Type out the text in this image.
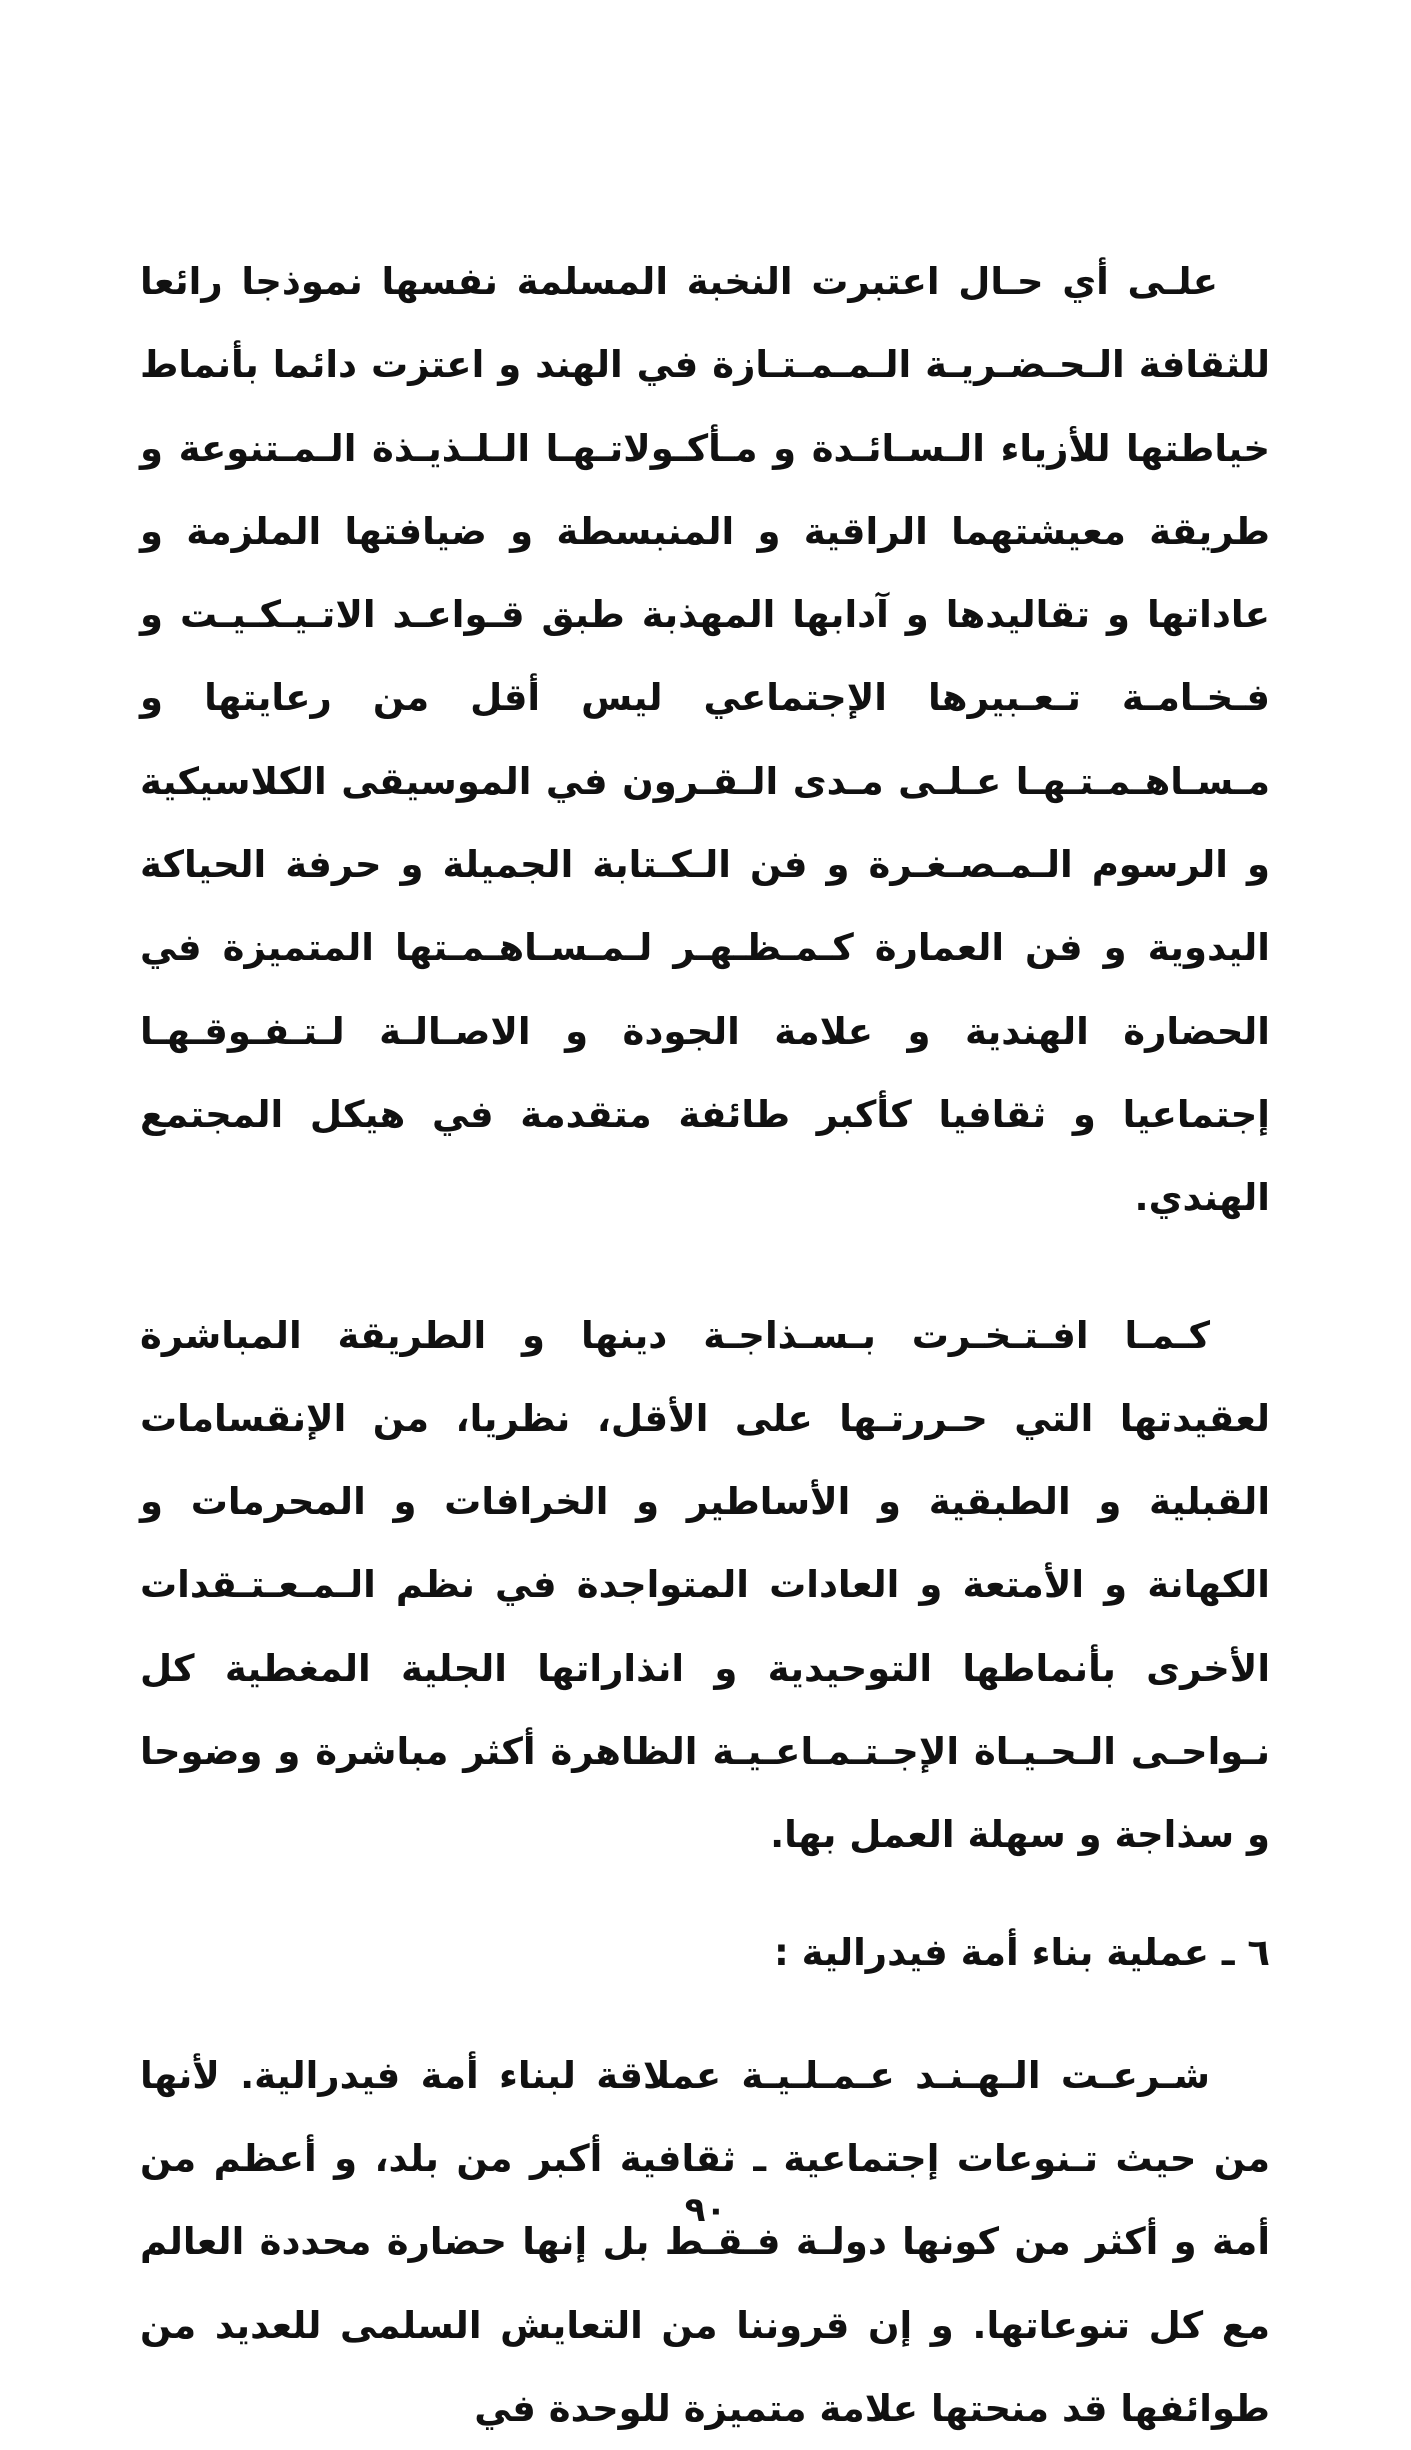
علـى أي حـال اعتبرت النخبة المسلمة نفسها نموذجا رائعا للثقافة الـحـضـريـة الـمـمـتـازة في الهند و اعتزت دائما بأنماط خياطتها للأزياء الـسـائـدة و مـأكـولاتـهـا الـلـذيـذة الـمـتنوعة و طريقة معيشتهما الراقية و المنبسطة و ضيافتها الملزمة و عاداتها و تقاليدها و آدابها المهذبة طبق قـواعـد الاتـيـكـيـت و فـخـامـة تـعـبيرها الإجتماعي ليس أقل من رعايتها و مـسـاهـمـتـهـا عـلـى مـدى الـقـرون في الموسيقى الكلاسيكية و الرسوم الـمـصـغـرة و فن الـكـتابة الجميلة و حرفة الحياكة اليدوية و فن العمارة كـمـظـهـر لـمـسـاهـمـتها المتميزة في الحضارة الهندية و علامة الجودة و الاصـالـة لـتـفـوقـهـا إجتماعيا و ثقافيا كأكبر طائفة متقدمة في هيكل المجتمع الهندي.

كـمـا افـتـخـرت بـسـذاجـة دينها و الطريقة المباشرة لعقيدتها التي حـررتـها على الأقل، نظريا، من الإنقسامات القبلية و الطبقية و الأساطير و الخرافات و المحرمات و الكهانة و الأمتعة و العادات المتواجدة في نظم الـمـعـتـقدات الأخرى بأنماطها التوحيدية و انذاراتها الجلية المغطية كل نـواحـى الـحـيـاة الإجـتـمـاعـيـة الظاهرة أكثر مباشرة و وضوحا و سذاجة و سهلة العمل بها.

٦ ـ عملية بناء أمة فيدرالية :

شـرعـت الـهـنـد عـمـلـيـة عملاقة لبناء أمة فيدرالية. لأنها من حيث تـنوعات إجتماعية ـ ثقافية أكبر من بلد، و أعظم من أمة و أكثر من كونها دولـة فـقـط بل إنها حضارة محددة العالم مع كل تنوعاتها. و إن قروننا من التعايش السلمى للعديد من طوائفها قد منحتها علامة متميزة للوحدة في

٩٠
